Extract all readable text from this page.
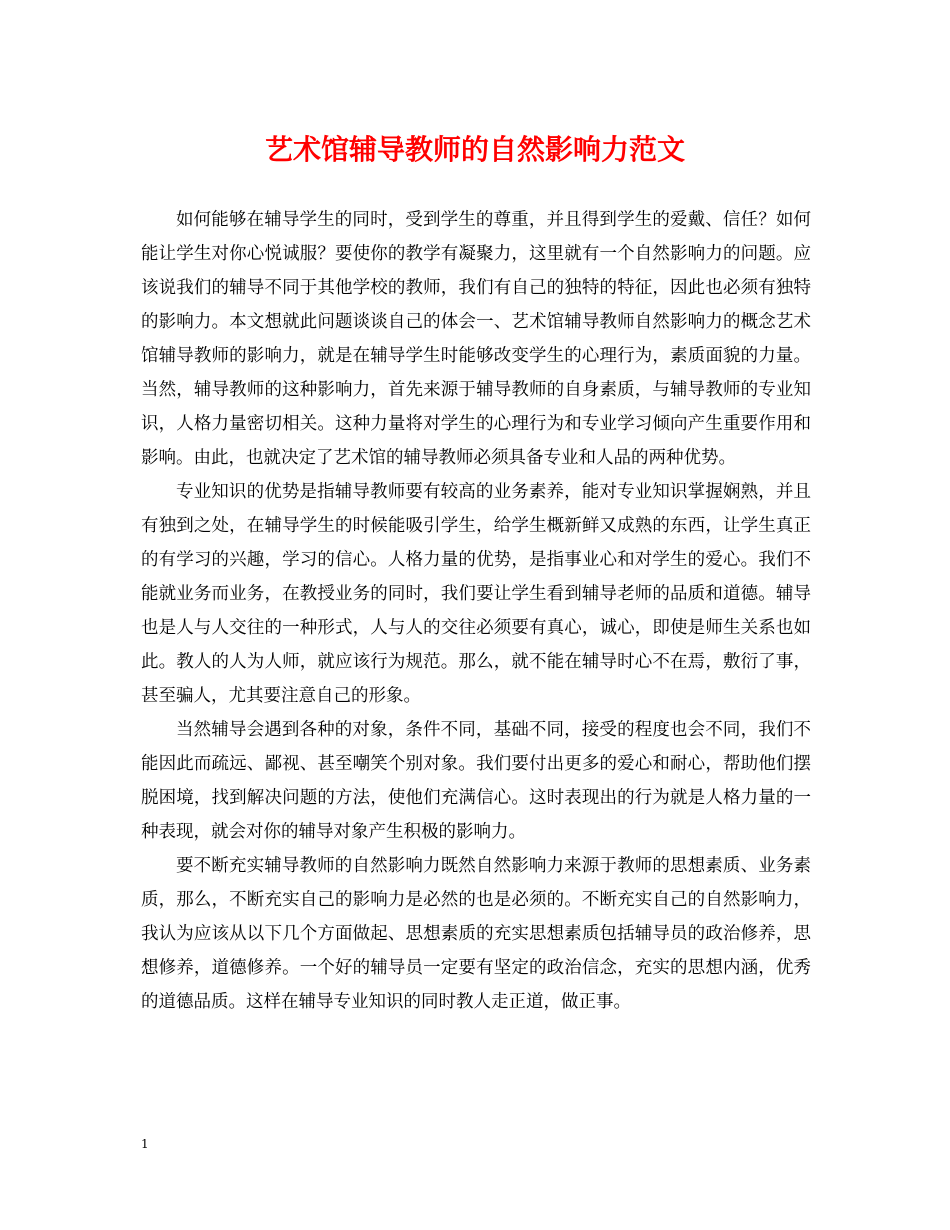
艺术馆辅导教师的自然影响力范文

如何能够在辅导学生的同时，受到学生的尊重，并且得到学生的爱戴、信任？如何能让学生对你心悦诚服？要使你的教学有凝聚力，这里就有一个自然影响力的问题。应该说我们的辅导不同于其他学校的教师，我们有自己的独特的特征，因此也必须有独特的影响力。本文想就此问题谈谈自己的体会一、艺术馆辅导教师自然影响力的概念艺术馆辅导教师的影响力，就是在辅导学生时能够改变学生的心理行为，素质面貌的力量。当然，辅导教师的这种影响力，首先来源于辅导教师的自身素质，与辅导教师的专业知识，人格力量密切相关。这种力量将对学生的心理行为和专业学习倾向产生重要作用和影响。由此，也就决定了艺术馆的辅导教师必须具备专业和人品的两种优势。

专业知识的优势是指辅导教师要有较高的业务素养，能对专业知识掌握娴熟，并且有独到之处，在辅导学生的时候能吸引学生，给学生概新鲜又成熟的东西，让学生真正的有学习的兴趣，学习的信心。人格力量的优势，是指事业心和对学生的爱心。我们不能就业务而业务，在教授业务的同时，我们要让学生看到辅导老师的品质和道德。辅导也是人与人交往的一种形式，人与人的交往必须要有真心，诚心，即使是师生关系也如此。教人的人为人师，就应该行为规范。那么，就不能在辅导时心不在焉，敷衍了事，甚至骗人，尤其要注意自己的形象。

当然辅导会遇到各种的对象，条件不同，基础不同，接受的程度也会不同，我们不能因此而疏远、鄙视、甚至嘲笑个别对象。我们要付出更多的爱心和耐心，帮助他们摆脱困境，找到解决问题的方法，使他们充满信心。这时表现出的行为就是人格力量的一种表现，就会对你的辅导对象产生积极的影响力。

要不断充实辅导教师的自然影响力既然自然影响力来源于教师的思想素质、业务素质，那么，不断充实自己的影响力是必然的也是必须的。不断充实自己的自然影响力，我认为应该从以下几个方面做起、思想素质的充实思想素质包括辅导员的政治修养，思想修养，道德修养。一个好的辅导员一定要有坚定的政治信念，充实的思想内涵，优秀的道德品质。这样在辅导专业知识的同时教人走正道，做正事。

1
